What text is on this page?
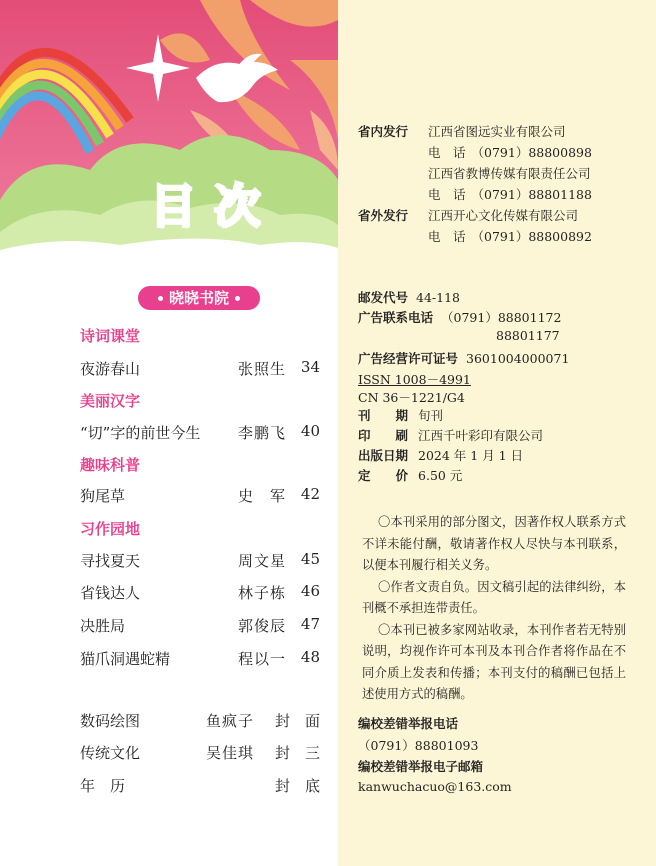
目次
晓晓书院
诗词课堂
夜游春山	张照生 34
美丽汉字
“切”字的前世今生	李鹏飞 40
趣味科普
狗尾草	史　军 42
习作园地
寻找夏天	周文星 45
省钱达人	林子栋 46
决胜局	郭俊辰 47
猫爪洞遇蛇精	程以一 48
数码绘图	鱼疯子 封　面
传统文化	吴佳琪 封　三
年　历	封　底
省内发行 江西省图远实业有限公司
电　话 （0791）88800898
江西省教博传媒有限责任公司
电　话 （0791）88801188
省外发行 江西开心文化传媒有限公司
电　话 （0791）88800892
邮发代号 44-118
广告联系电话 （0791）88801172
88801177
广告经营许可证号 3601004000071
ISSN 1008－4991
CN 36－1221/G4
刊　　期 旬刊
印　　刷 江西千叶彩印有限公司
出版日期 2024 年 1 月 1 日
定　　价 6.50 元

〇本刊采用的部分图文，因著作权人联系方式不详未能付酬，敬请著作权人尽快与本刊联系，以便本刊履行相关义务。

〇作者文责自负。因文稿引起的法律纠纷，本刊概不承担连带责任。

〇本刊已被多家网站收录，本刊作者若无特别说明，均视作许可本刊及本刊合作者将作品在不同介质上发表和传播；本刊支付的稿酬已包括上述使用方式的稿酬。

编校差错举报电话
（0791）88801093
编校差错举报电子邮箱
kanwuchacuo@163.com
